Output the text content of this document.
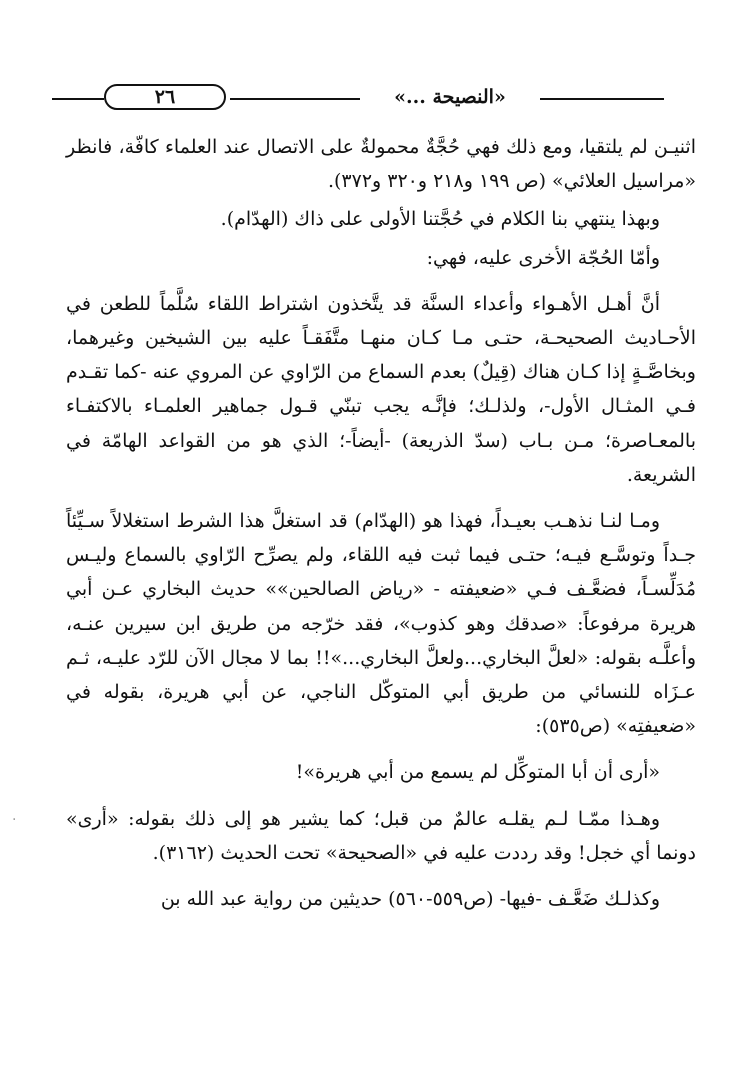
٢٦	«النصيحة ...»

اثنيـن لم يلتقيا، ومع ذلك فهي حُجَّةٌ محمولةٌ على الاتصال عند العلماء كافّة، فانظر «مراسيل العلائي» (ص ١٩٩ و٢١٨ و٣٢٠ و٣٧٢).

وبهذا ينتهي بنا الكلام في حُجَّتنا الأولى على ذاك (الهدّام).

وأمّا الحُجّة الأخرى عليه، فهي:

أنَّ أهـل الأهـواء وأعداء السنَّة قد يتَّخذون اشتراط اللقاء سُلَّماً للطعن في الأحـاديث الصحيحـة، حتـى مـا كـان منهـا متَّفَقـاً عليه بين الشيخين وغيرهما، وبخاصَّـةٍ إذا كـان هناك (قِيلٌ) بعدم السماع من الرّاوي عن المروي عنه -كما تقـدم فـي المثـال الأول-، ولذلـك؛ فإنَّـه يجب تبنّي قـول جماهير العلمـاء بالاكتفـاء بالمعـاصرة؛ مـن بـاب (سدّ الذريعة) -أيضاً-؛ الذي هو من القواعد الهامّة في الشريعة.

ومـا لنـا نذهـب بعيـداً، فهذا هو (الهدّام) قد استغلَّ هذا الشرط استغلالاً سـيِّئاً جـداً وتوسَّـع فيـه؛ حتـى فيما ثبت فيه اللقاء، ولم يصرِّح الرّاوي بالسماع وليـس مُدَلِّسـاً، فضعَّـف فـي «ضعيفته - «رياض الصالحين»» حديث البخاري عـن أبي هريرة مرفوعاً: «صدقك وهو كذوب»، فقد خرّجه من طريق ابن سيرين عنـه، وأعلَّـه بقوله: «لعلَّ البخاري...ولعلَّ البخاري...»!! بما لا مجال الآن للرّد عليـه، ثـم عـزَاه للنسائي من طريق أبي المتوكّل الناجي، عن أبي هريرة، بقوله في «ضعيفتِه» (ص٥٣٥):

«أرى أن أبا المتوكِّل لم يسمع من أبي هريرة»!

وهـذا ممّـا لـم يقلـه عالمٌ من قبل؛ كما يشير هو إلى ذلك بقوله: «أرى» دونما أي خجل! وقد رددت عليه في «الصحيحة» تحت الحديث (٣١٦٢).

وكذلـك ضَعَّـف -فيها- (ص٥٥٩-٥٦٠) حديثين من رواية عبد الله بن

.
